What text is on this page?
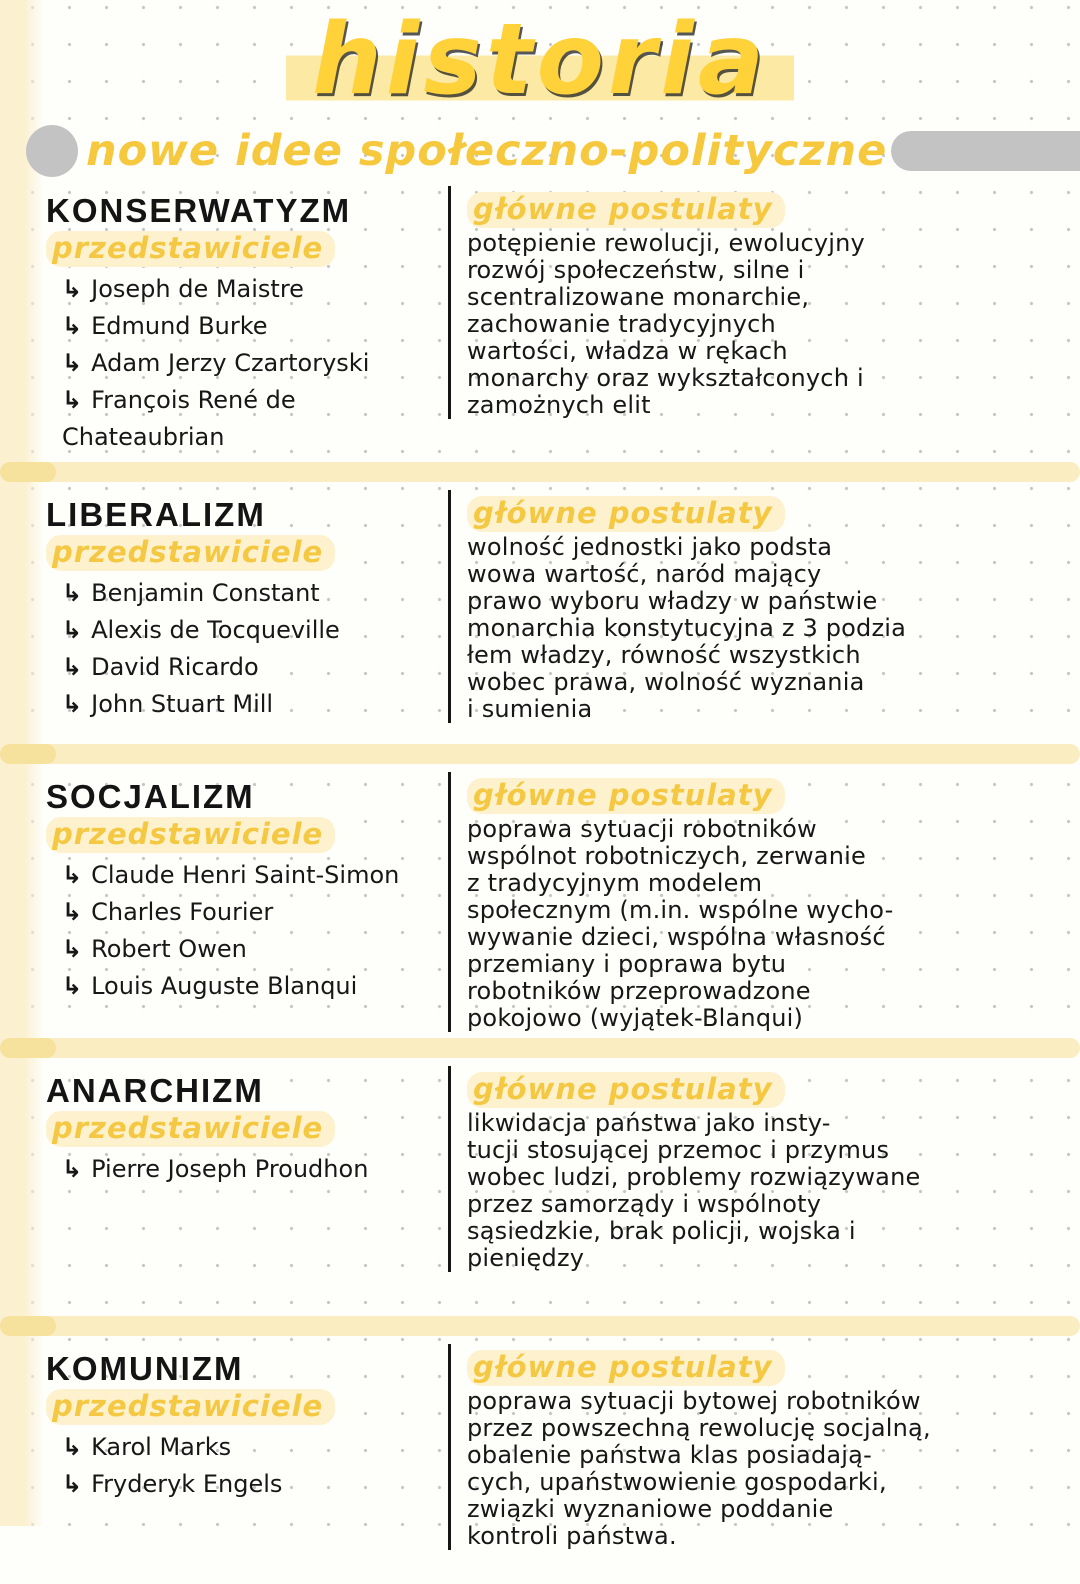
historia
nowe idee społeczno-polityczne
KONSERWATYZM
przedstawiciele
↳ Joseph de Maistre
↳ Edmund Burke
↳ Adam Jerzy Czartoryski
↳ François René de Chateaubrian
główne postulaty
potępienie rewolucji, ewolucyjny
rozwój społeczeństw, silne i
scentralizowane monarchie,
zachowanie tradycyjnych
wartości, władza w rękach
monarchy oraz wykształconych i
zamożnych elit
LIBERALIZM
przedstawiciele
↳ Benjamin Constant
↳ Alexis de Tocqueville
↳ David Ricardo
↳ John Stuart Mill
główne postulaty
wolność jednostki jako podsta
wowa wartość, naród mający
prawo wyboru władzy w państwie
monarchia konstytucyjna z 3 podzia
łem władzy, równość wszystkich
wobec prawa, wolność wyznania
i sumienia
SOCJALIZM
przedstawiciele
↳ Claude Henri Saint-Simon
↳ Charles Fourier
↳ Robert Owen
↳ Louis Auguste Blanqui
główne postulaty
poprawa sytuacji robotników
wspólnot robotniczych, zerwanie
z tradycyjnym modelem
społecznym (m.in. wspólne wycho-
wywanie dzieci, wspólna własność
przemiany i poprawa bytu
robotników przeprowadzone
pokojowo (wyjątek-Blanqui)
ANARCHIZM
przedstawiciele
↳ Pierre Joseph Proudhon
główne postulaty
likwidacja państwa jako insty-
tucji stosującej przemoc i przymus
wobec ludzi, problemy rozwiązywane
przez samorządy i wspólnoty
sąsiedzkie, brak policji, wojska i
pieniędzy
KOMUNIZM
przedstawiciele
↳ Karol Marks
↳ Fryderyk Engels
główne postulaty
poprawa sytuacji bytowej robotników
przez powszechną rewolucję socjalną,
obalenie państwa klas posiadają-
cych, upaństwowienie gospodarki,
związki wyznaniowe poddanie
kontroli państwa.
